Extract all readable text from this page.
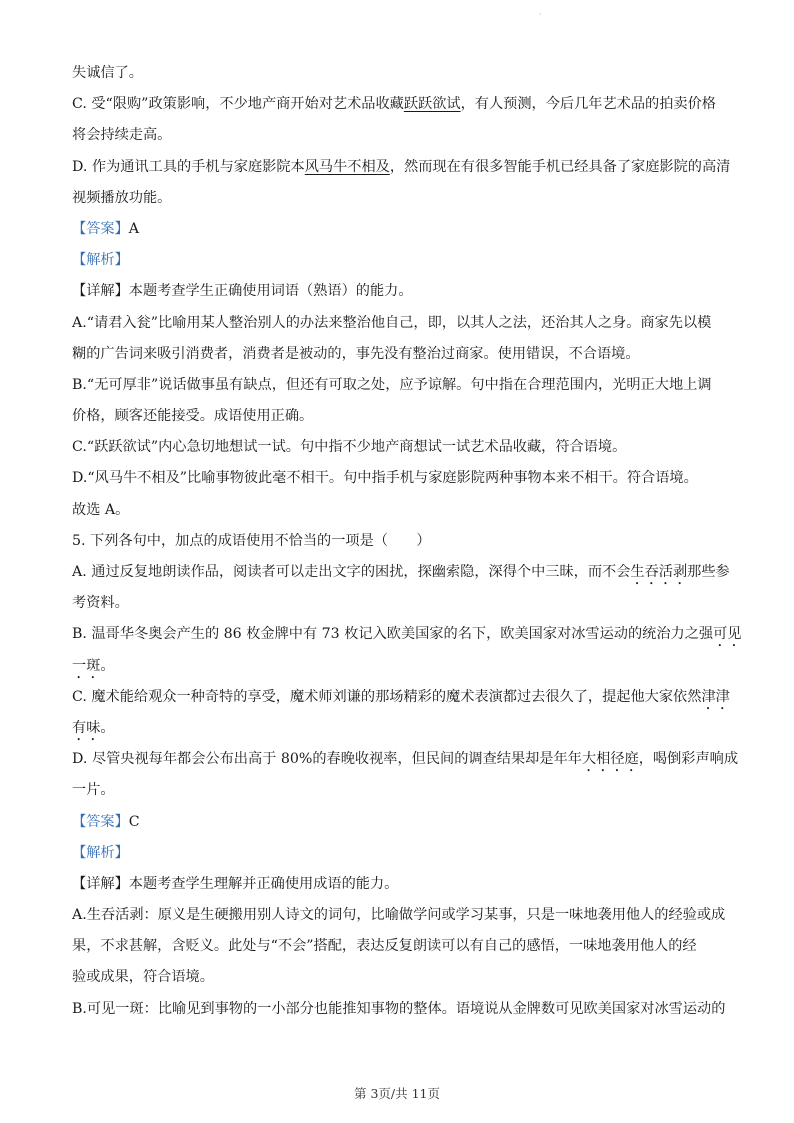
·
失诚信了。
C. 受“限购”政策影响，不少地产商开始对艺术品收藏跃跃欲试，有人预测，今后几年艺术品的拍卖价格
将会持续走高。
D. 作为通讯工具的手机与家庭影院本风马牛不相及，然而现在有很多智能手机已经具备了家庭影院的高清
视频播放功能。
【答案】A
【解析】
【详解】本题考查学生正确使用词语（熟语）的能力。
A.“请君入瓮”比喻用某人整治别人的办法来整治他自己，即，以其人之法，还治其人之身。商家先以模
糊的广告词来吸引消费者，消费者是被动的，事先没有整治过商家。使用错误，不合语境。
B.“无可厚非”说话做事虽有缺点，但还有可取之处，应予谅解。句中指在合理范围内，光明正大地上调
价格，顾客还能接受。成语使用正确。
C.“跃跃欲试”内心急切地想试一试。句中指不少地产商想试一试艺术品收藏，符合语境。
D.“风马牛不相及”比喻事物彼此毫不相干。句中指手机与家庭影院两种事物本来不相干。符合语境。
故选 A。
5. 下列各句中，加点的成语使用不恰当的一项是（　　）
A. 通过反复地朗读作品，阅读者可以走出文字的困扰，探幽索隐，深得个中三昧，而不会生吞活剥那些参
考资料。
B. 温哥华冬奥会产生的 86 枚金牌中有 73 枚记入欧美国家的名下，欧美国家对冰雪运动的统治力之强可见
一斑。
C. 魔术能给观众一种奇特的享受，魔术师刘谦的那场精彩的魔术表演都过去很久了，提起他大家依然津津
有味。
D. 尽管央视每年都会公布出高于 80%的春晚收视率，但民间的调查结果却是年年大相径庭，喝倒彩声响成
一片。
【答案】C
【解析】
【详解】本题考查学生理解并正确使用成语的能力。
A.生吞活剥：原义是生硬搬用别人诗文的词句，比喻做学问或学习某事，只是一味地袭用他人的经验或成
果，不求甚解，含贬义。此处与“不会”搭配，表达反复朗读可以有自己的感悟，一味地袭用他人的经
验或成果，符合语境。
B.可见一斑：比喻见到事物的一小部分也能推知事物的整体。语境说从金牌数可见欧美国家对冰雪运动的
第 3页/共 11页
